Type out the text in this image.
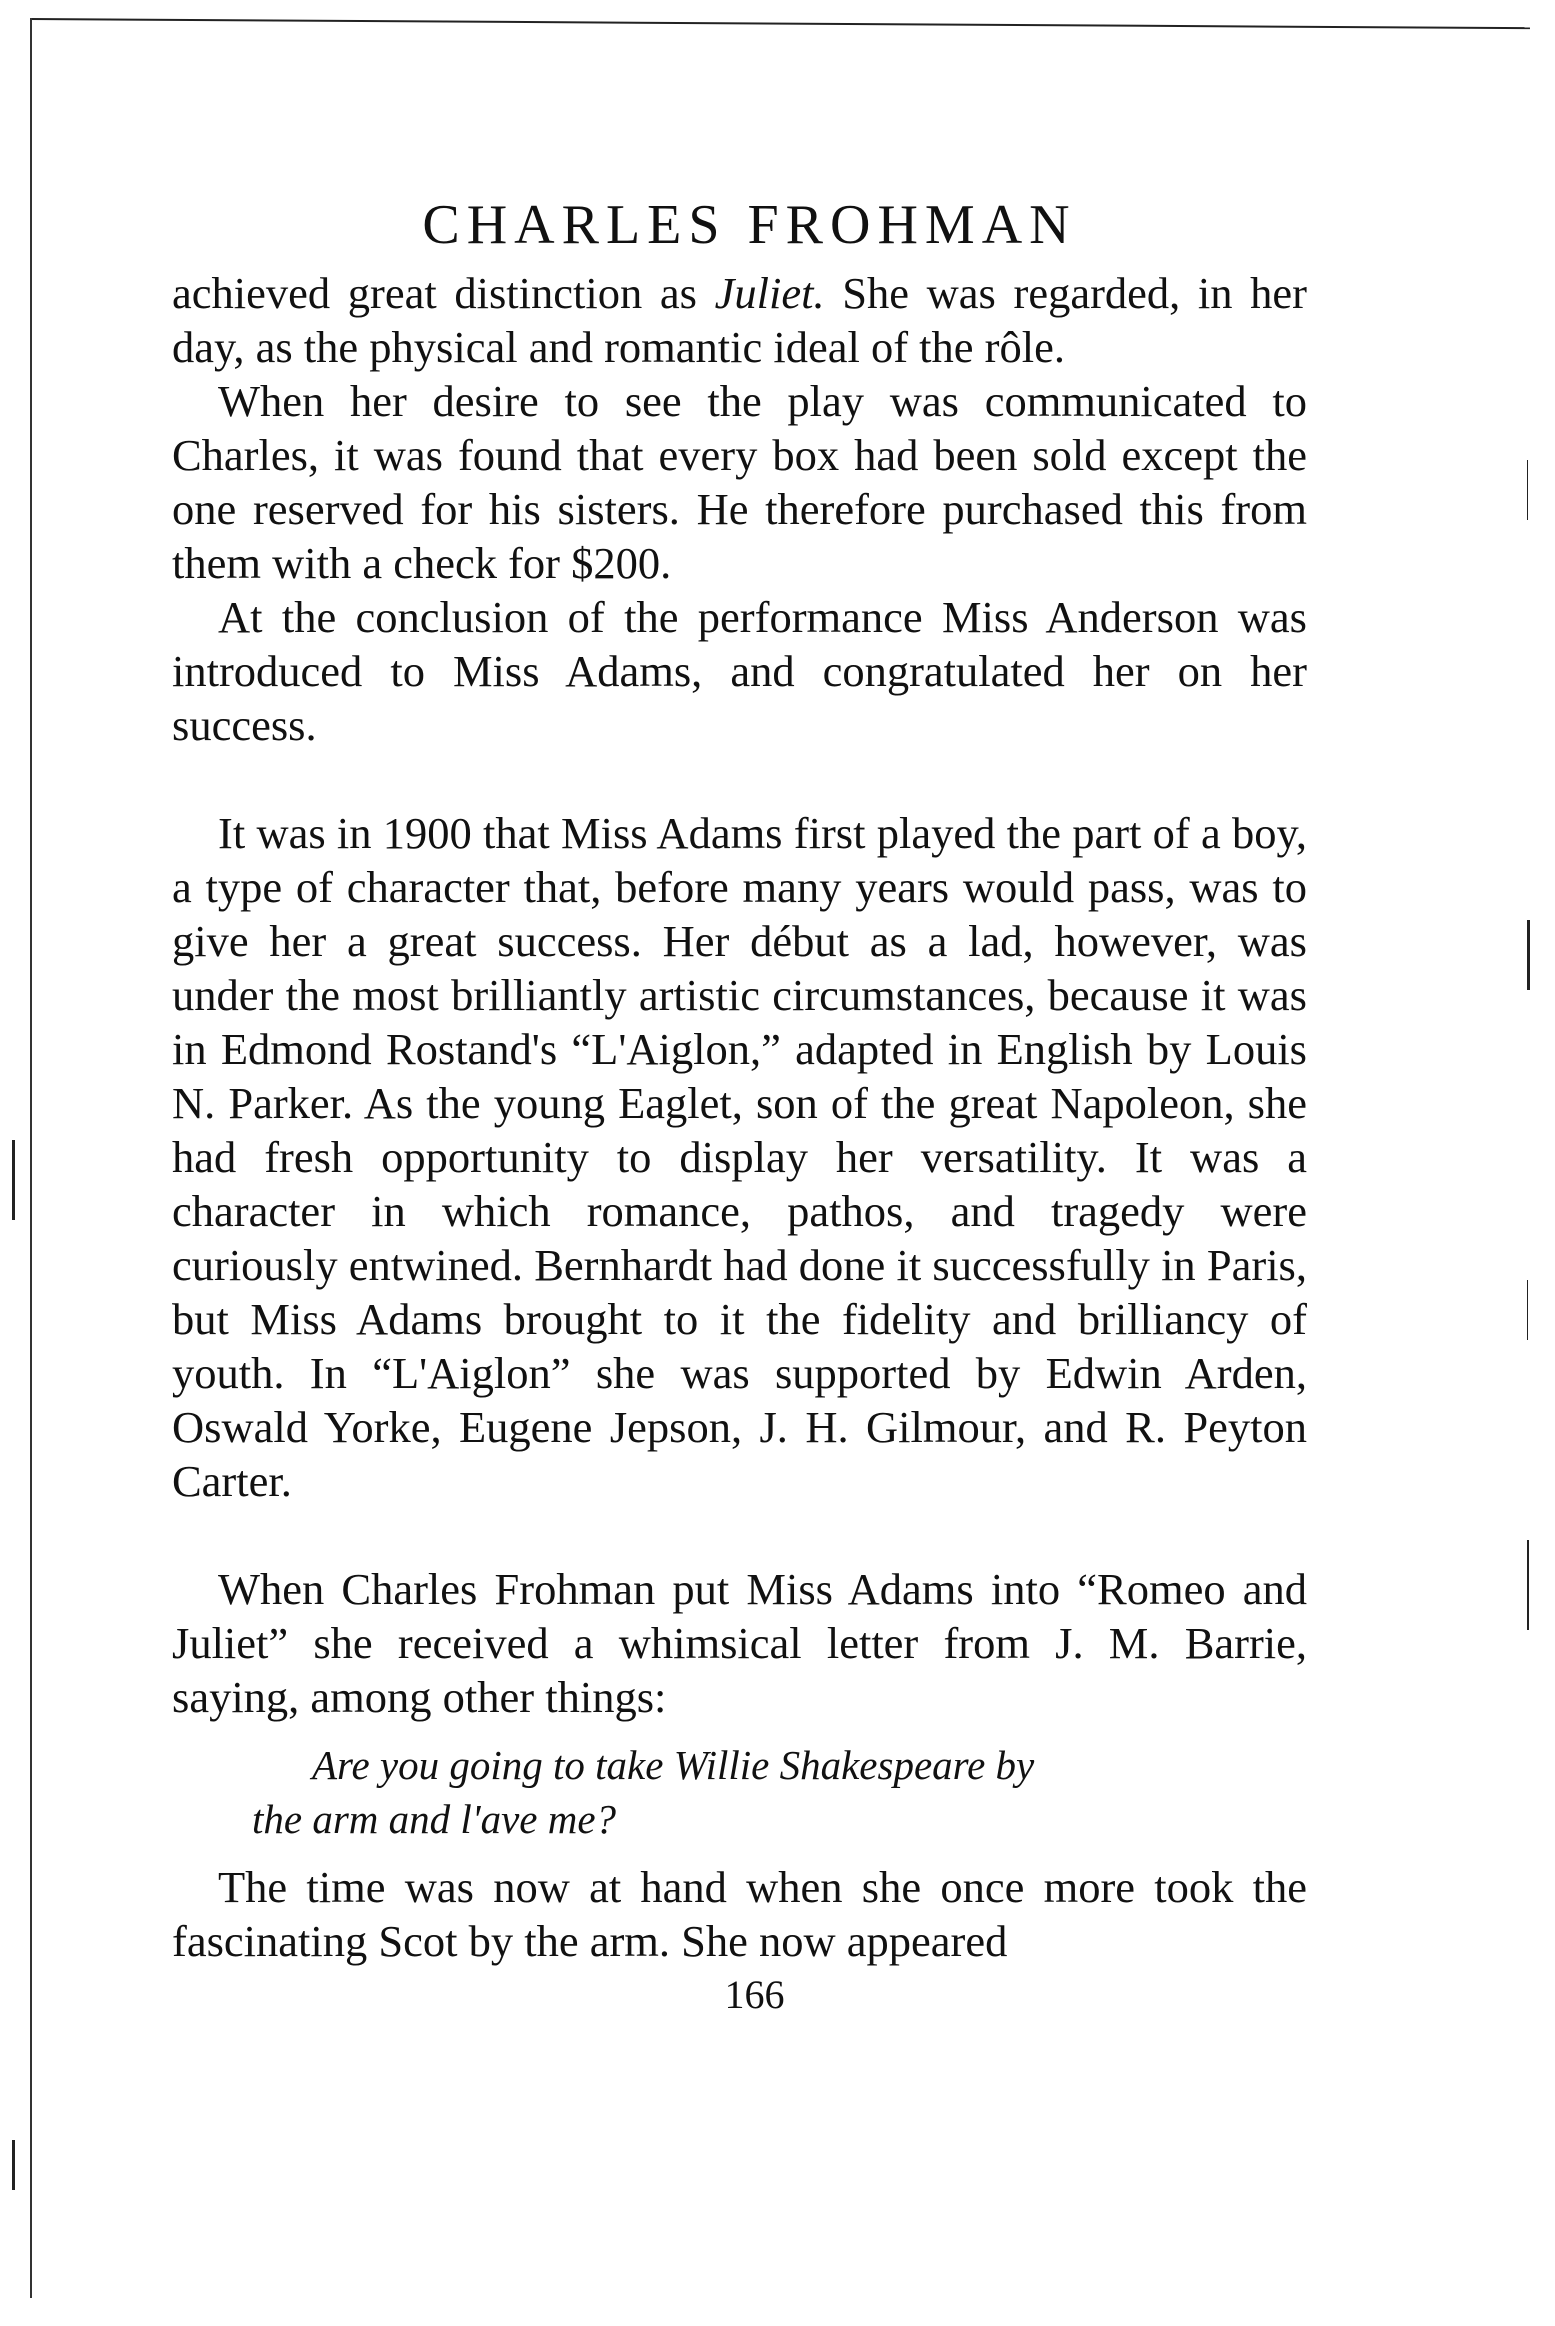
CHARLES FROHMAN

achieved great distinction as Juliet. She was regarded, in her day, as the physical and romantic ideal of the rôle.

When her desire to see the play was communicated to Charles, it was found that every box had been sold except the one reserved for his sisters. He therefore purchased this from them with a check for $200.

At the conclusion of the performance Miss Anderson was introduced to Miss Adams, and congratulated her on her success.

It was in 1900 that Miss Adams first played the part of a boy, a type of character that, before many years would pass, was to give her a great success. Her début as a lad, however, was under the most brilliantly artistic circumstances, because it was in Edmond Rostand's “L'Aiglon,” adapted in English by Louis N. Parker. As the young Eaglet, son of the great Napoleon, she had fresh opportunity to display her versatility. It was a character in which romance, pathos, and tragedy were curiously entwined. Bernhardt had done it successfully in Paris, but Miss Adams brought to it the fidelity and brilliancy of youth. In “L'Aiglon” she was supported by Edwin Arden, Oswald Yorke, Eugene Jepson, J. H. Gilmour, and R. Peyton Carter.

When Charles Frohman put Miss Adams into “Romeo and Juliet” she received a whimsical letter from J. M. Barrie, saying, among other things:

Are you going to take Willie Shakespeare by
the arm and l'ave me?

The time was now at hand when she once more took the fascinating Scot by the arm. She now appeared

166
